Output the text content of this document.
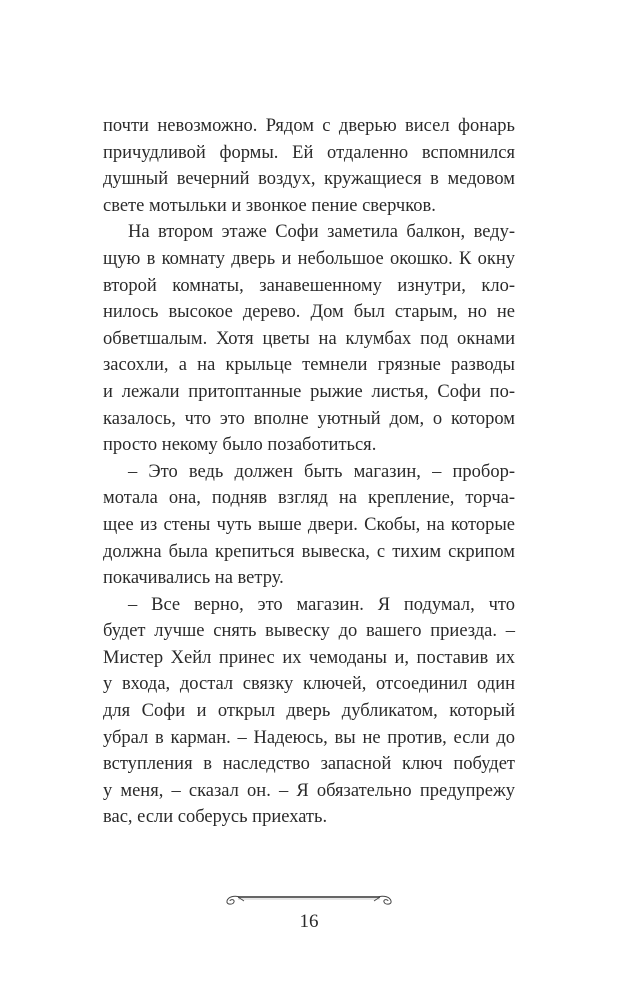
почти невозможно. Рядом с дверью висел фонарь
причудливой формы. Ей отдаленно вспомнился
душный вечерний воздух, кружащиеся в медовом
свете мотыльки и звонкое пение сверчков.
На втором этаже Софи заметила балкон, веду-
щую в комнату дверь и небольшое окошко. К окну
второй комнаты, занавешенному изнутри, кло-
нилось высокое дерево. Дом был старым, но не
обветшалым. Хотя цветы на клумбах под окнами
засохли, а на крыльце темнели грязные разводы
и лежали притоптанные рыжие листья, Софи по-
казалось, что это вполне уютный дом, о котором
просто некому было позаботиться.
– Это ведь должен быть магазин, – пробор-
мотала она, подняв взгляд на крепление, торча-
щее из стены чуть выше двери. Скобы, на которые
должна была крепиться вывеска, с тихим скрипом
покачивались на ветру.
– Все верно, это магазин. Я подумал, что
будет лучше снять вывеску до вашего приезда. –
Мистер Хейл принес их чемоданы и, поставив их
у входа, достал связку ключей, отсоединил один
для Софи и открыл дверь дубликатом, который
убрал в карман. – Надеюсь, вы не против, если до
вступления в наследство запасной ключ побудет
у меня, – сказал он. – Я обязательно предупрежу
вас, если соберусь приехать.
16
